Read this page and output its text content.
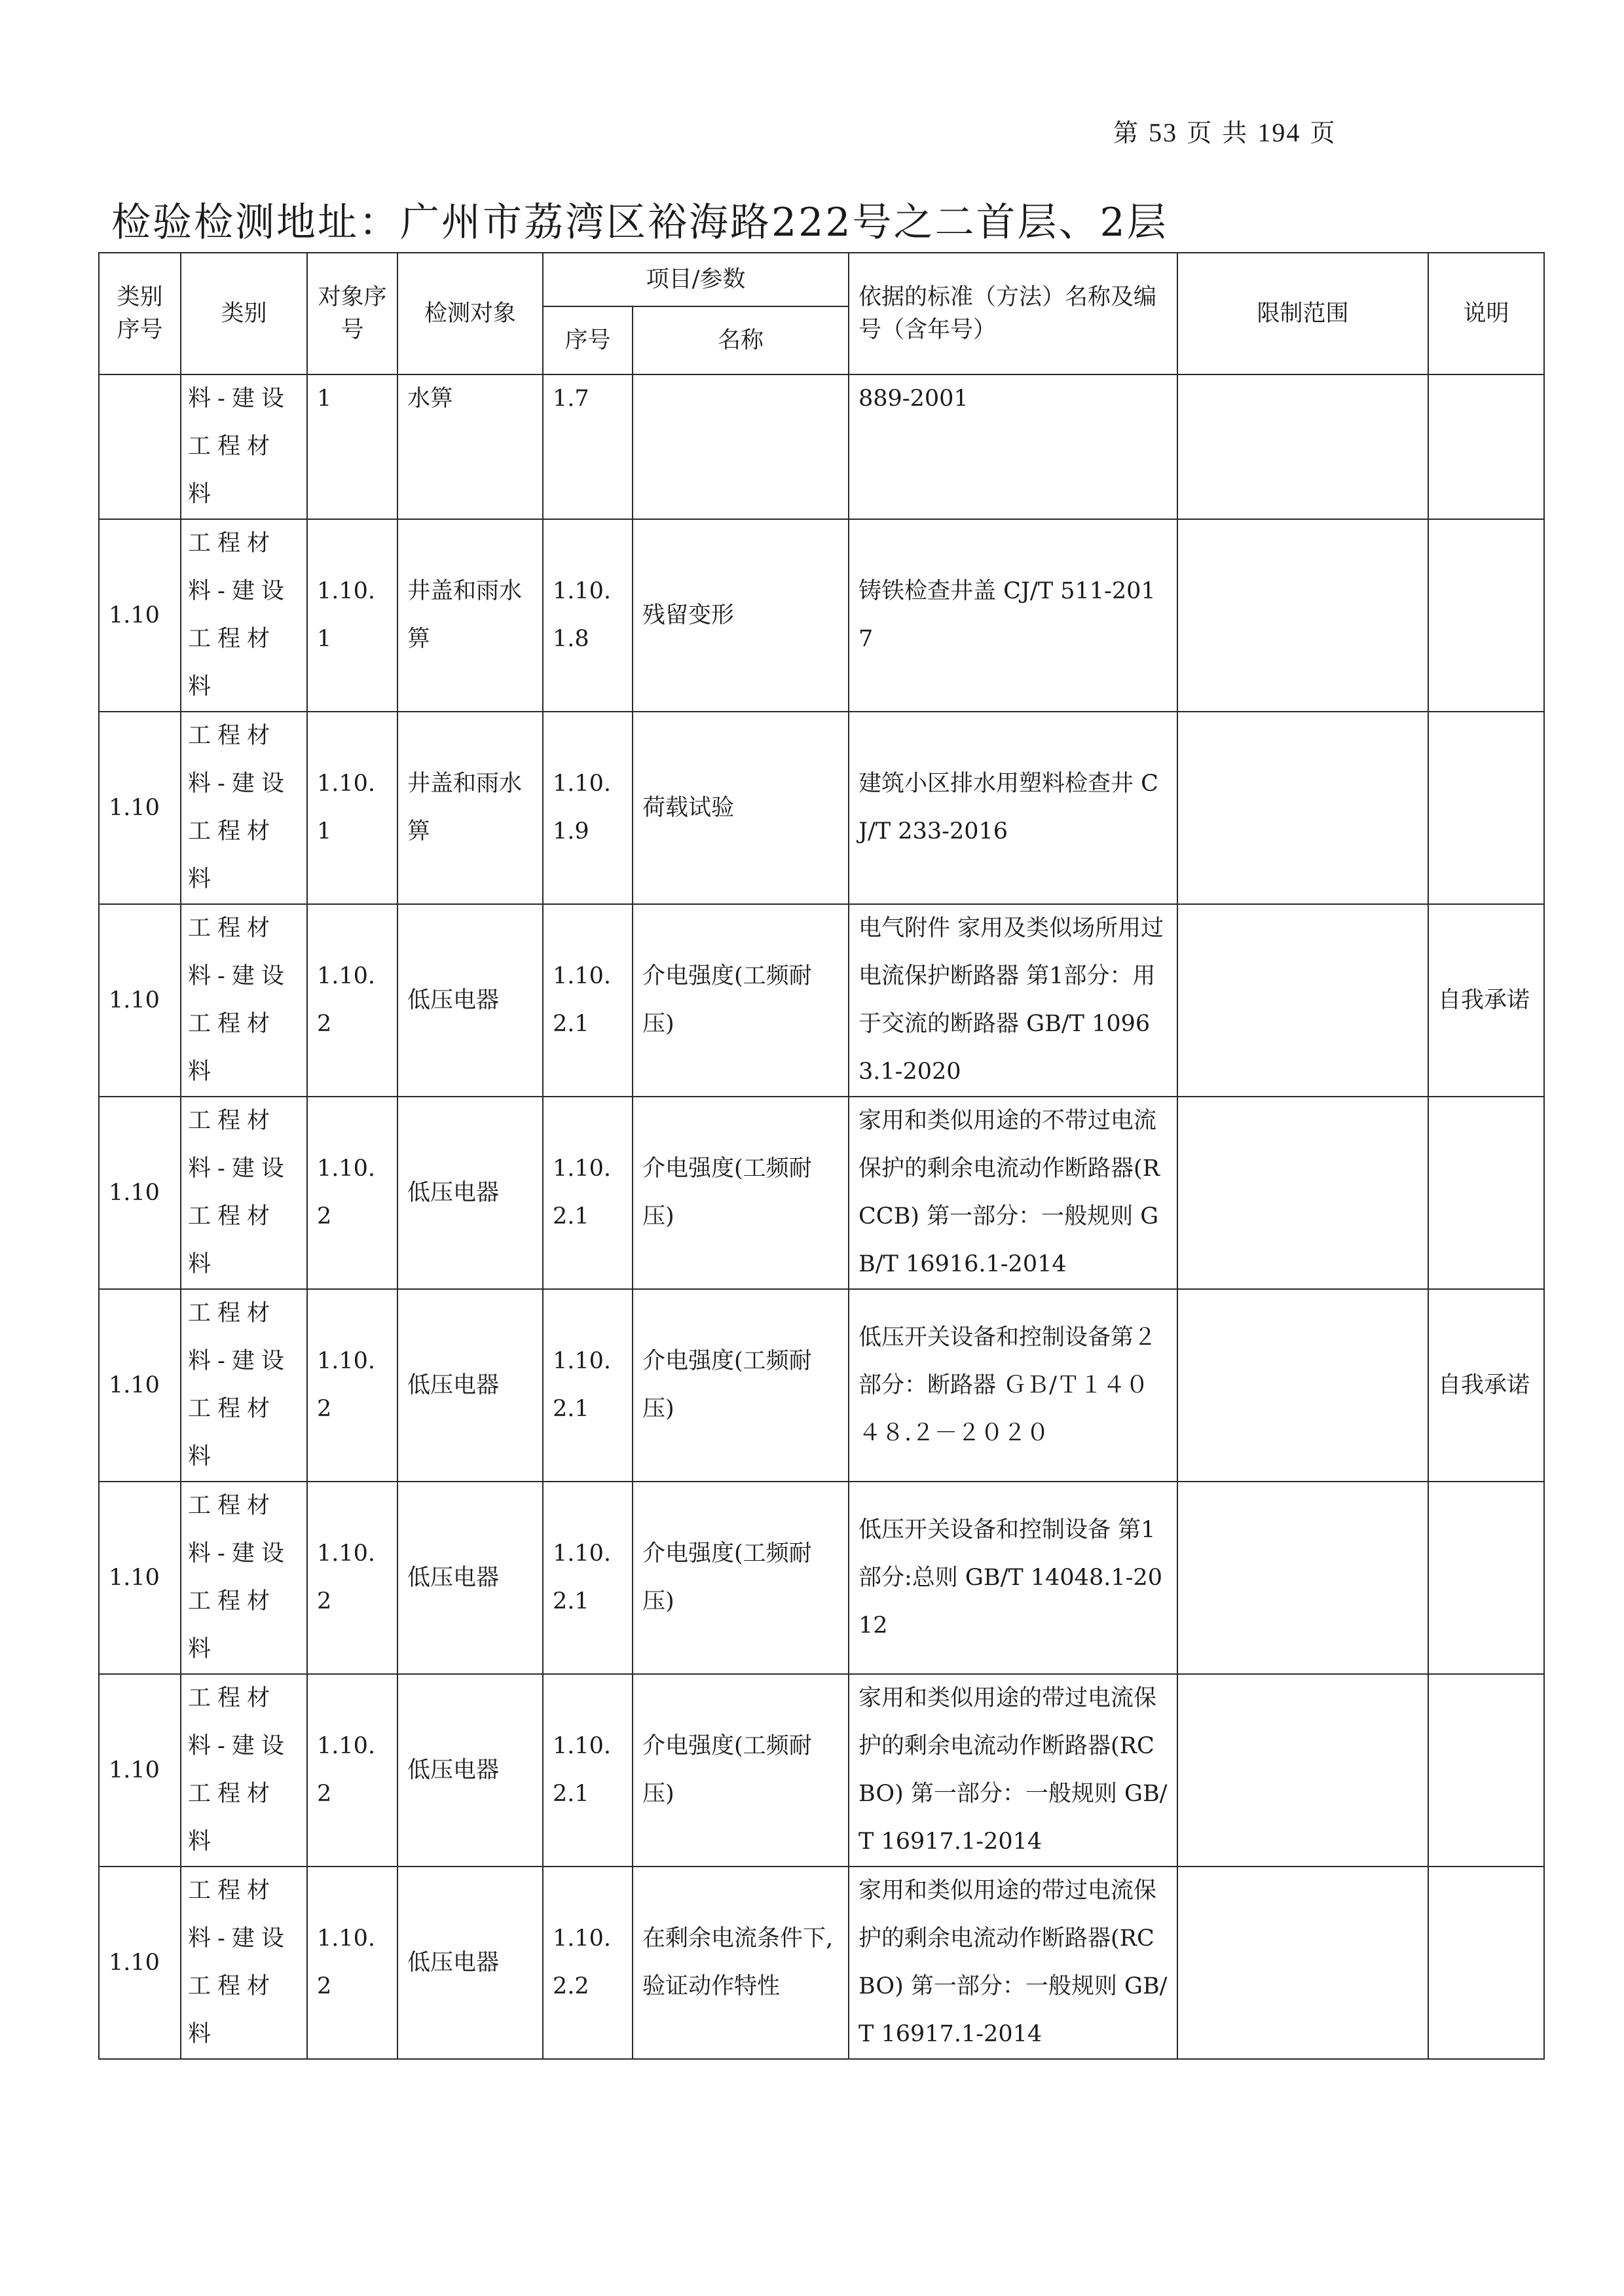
第 53 页 共 194 页
检验检测地址：广州市荔湾区裕海路222号之二首层、2层
类别序号	类别	对象序号	检测对象	项目/参数		依据的标准（方法）名称及编号（含年号）	限制范围	说明
				序号	名称			
	料-建设工程材料	1	水箅	1.7		889-2001		
1.10	工程材料-建设工程材料	1.10.1	井盖和雨水箅	1.10.1.8	残留变形	铸铁检查井盖 CJ/T 511-2017		
1.10	工程材料-建设工程材料	1.10.1	井盖和雨水箅	1.10.1.9	荷载试验	建筑小区排水用塑料检查井 CJ/T 233-2016		
1.10	工程材料-建设工程材料	1.10.2	低压电器	1.10.2.1	介电强度(工频耐压)	电气附件 家用及类似场所用过电流保护断路器 第1部分：用于交流的断路器 GB/T 10963.1-2020		自我承诺
1.10	工程材料-建设工程材料	1.10.2	低压电器	1.10.2.1	介电强度(工频耐压)	家用和类似用途的不带过电流保护的剩余电流动作断路器(RCCB) 第一部分：一般规则 GB/T 16916.1-2014		
1.10	工程材料-建设工程材料	1.10.2	低压电器	1.10.2.1	介电强度(工频耐压)	低压开关设备和控制设备第２部分：断路器 ＧＢ/Ｔ１４０４８.２－２０２０		自我承诺
1.10	工程材料-建设工程材料	1.10.2	低压电器	1.10.2.1	介电强度(工频耐压)	低压开关设备和控制设备 第1部分:总则 GB/T 14048.1-2012		
1.10	工程材料-建设工程材料	1.10.2	低压电器	1.10.2.1	介电强度(工频耐压)	家用和类似用途的带过电流保护的剩余电流动作断路器(RCBO) 第一部分：一般规则 GB/T 16917.1-2014		
1.10	工程材料-建设工程材料	1.10.2	低压电器	1.10.2.2	在剩余电流条件下,验证动作特性	家用和类似用途的带过电流保护的剩余电流动作断路器(RCBO) 第一部分：一般规则 GB/T 16917.1-2014		
